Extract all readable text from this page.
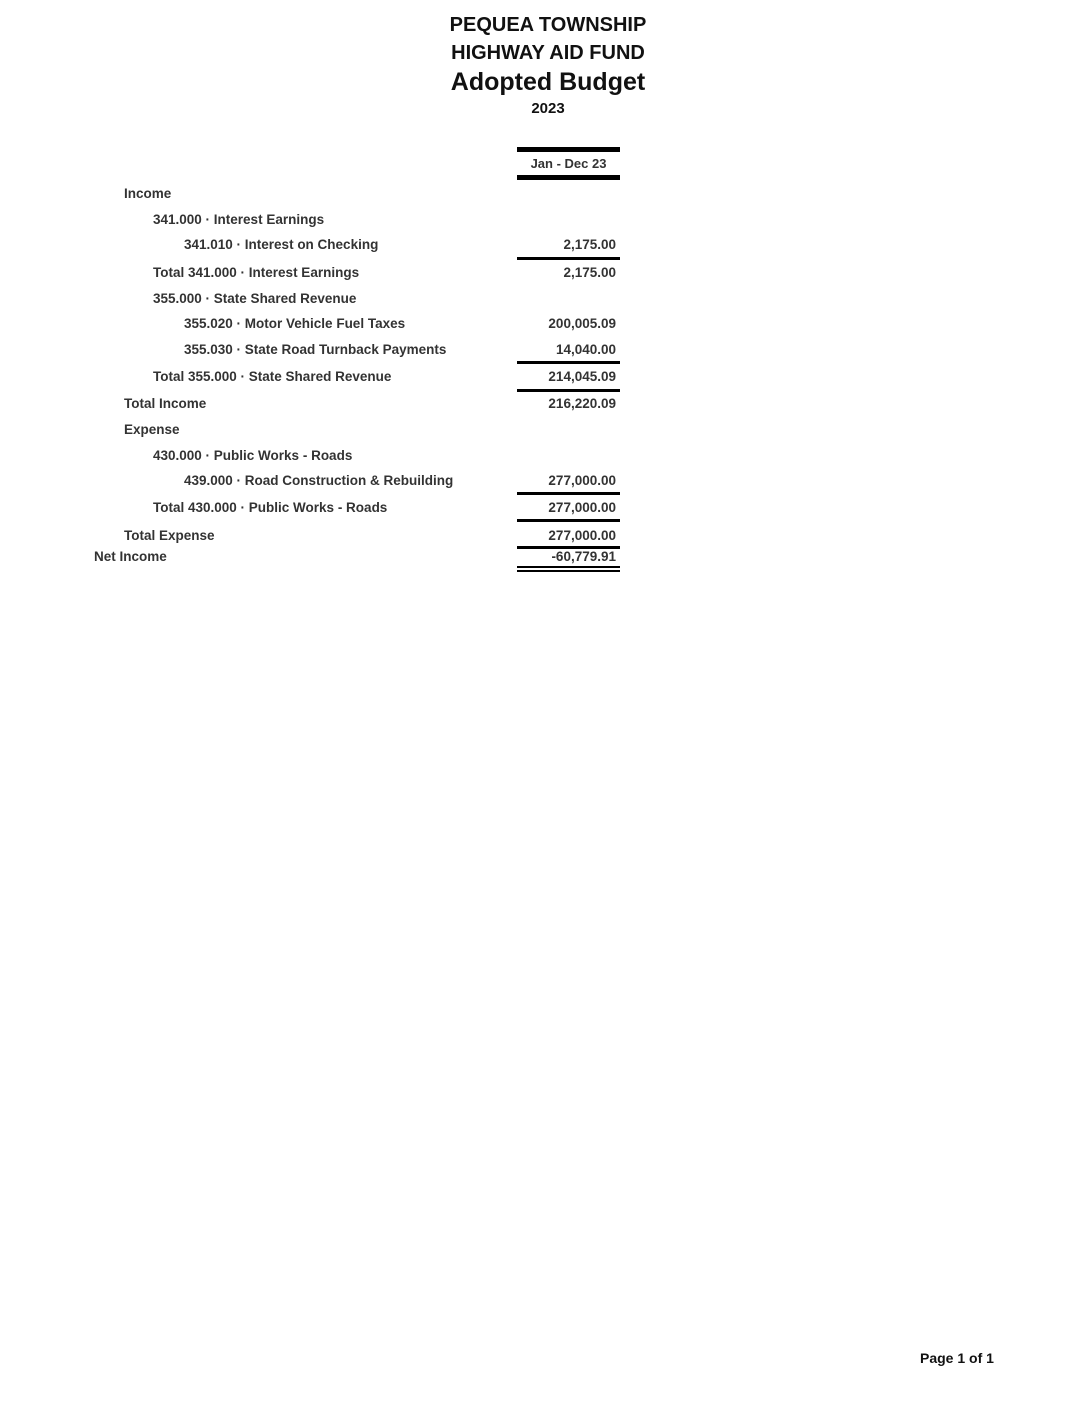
PEQUEA TOWNSHIP
HIGHWAY AID FUND
Adopted Budget
2023
Jan - Dec 23
Income
341.000 · Interest Earnings
341.010 · Interest on Checking	2,175.00
Total 341.000 · Interest Earnings	2,175.00
355.000 · State Shared Revenue
355.020 · Motor Vehicle Fuel Taxes	200,005.09
355.030 · State Road Turnback Payments	14,040.00
Total 355.000 · State Shared Revenue	214,045.09
Total Income	216,220.09
Expense
430.000 · Public Works - Roads
439.000 · Road Construction & Rebuilding	277,000.00
Total 430.000 · Public Works - Roads	277,000.00
Total Expense	277,000.00
Net Income	-60,779.91
Page 1 of 1
